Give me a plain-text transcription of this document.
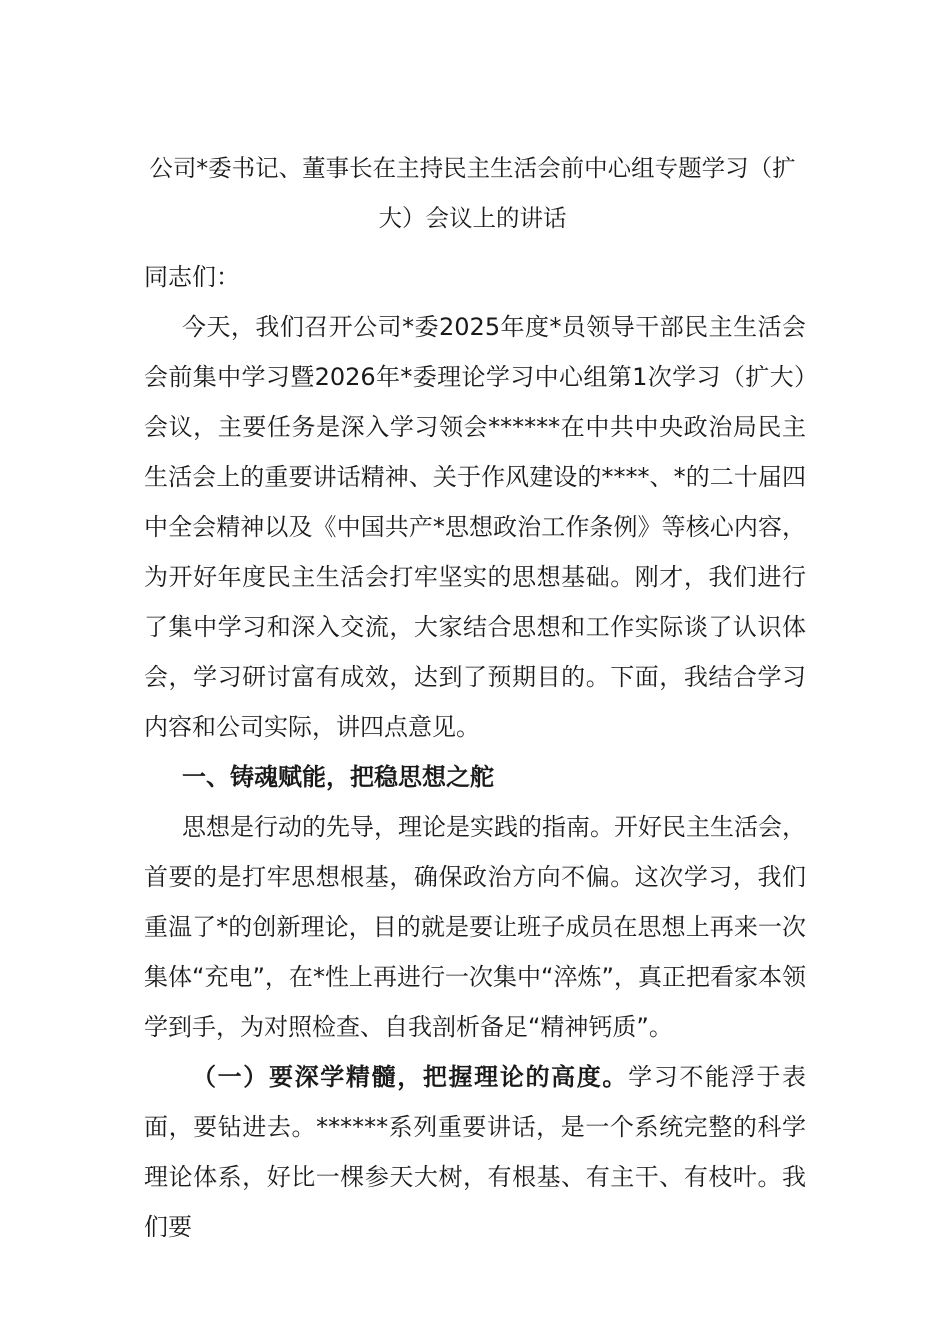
公司*委书记、董事长在主持民主生活会前中心组专题学习（扩大）会议上的讲话

同志们：

今天，我们召开公司*委2025年度*员领导干部民主生活会会前集中学习暨2026年*委理论学习中心组第1次学习（扩大）会议，主要任务是深入学习领会******在中共中央政治局民主生活会上的重要讲话精神、关于作风建设的****、*的二十届四中全会精神以及《中国共产*思想政治工作条例》等核心内容，为开好年度民主生活会打牢坚实的思想基础。刚才，我们进行了集中学习和深入交流，大家结合思想和工作实际谈了认识体会，学习研讨富有成效，达到了预期目的。下面，我结合学习内容和公司实际，讲四点意见。

一、铸魂赋能，把稳思想之舵

思想是行动的先导，理论是实践的指南。开好民主生活会，首要的是打牢思想根基，确保政治方向不偏。这次学习，我们重温了*的创新理论，目的就是要让班子成员在思想上再来一次集体“充电”，在*性上再进行一次集中“淬炼”，真正把看家本领学到手，为对照检查、自我剖析备足“精神钙质”。

（一）要深学精髓，把握理论的高度。学习不能浮于表面，要钻进去。******系列重要讲话，是一个系统完整的科学理论体系，好比一棵参天大树，有根基、有主干、有枝叶。我们要
